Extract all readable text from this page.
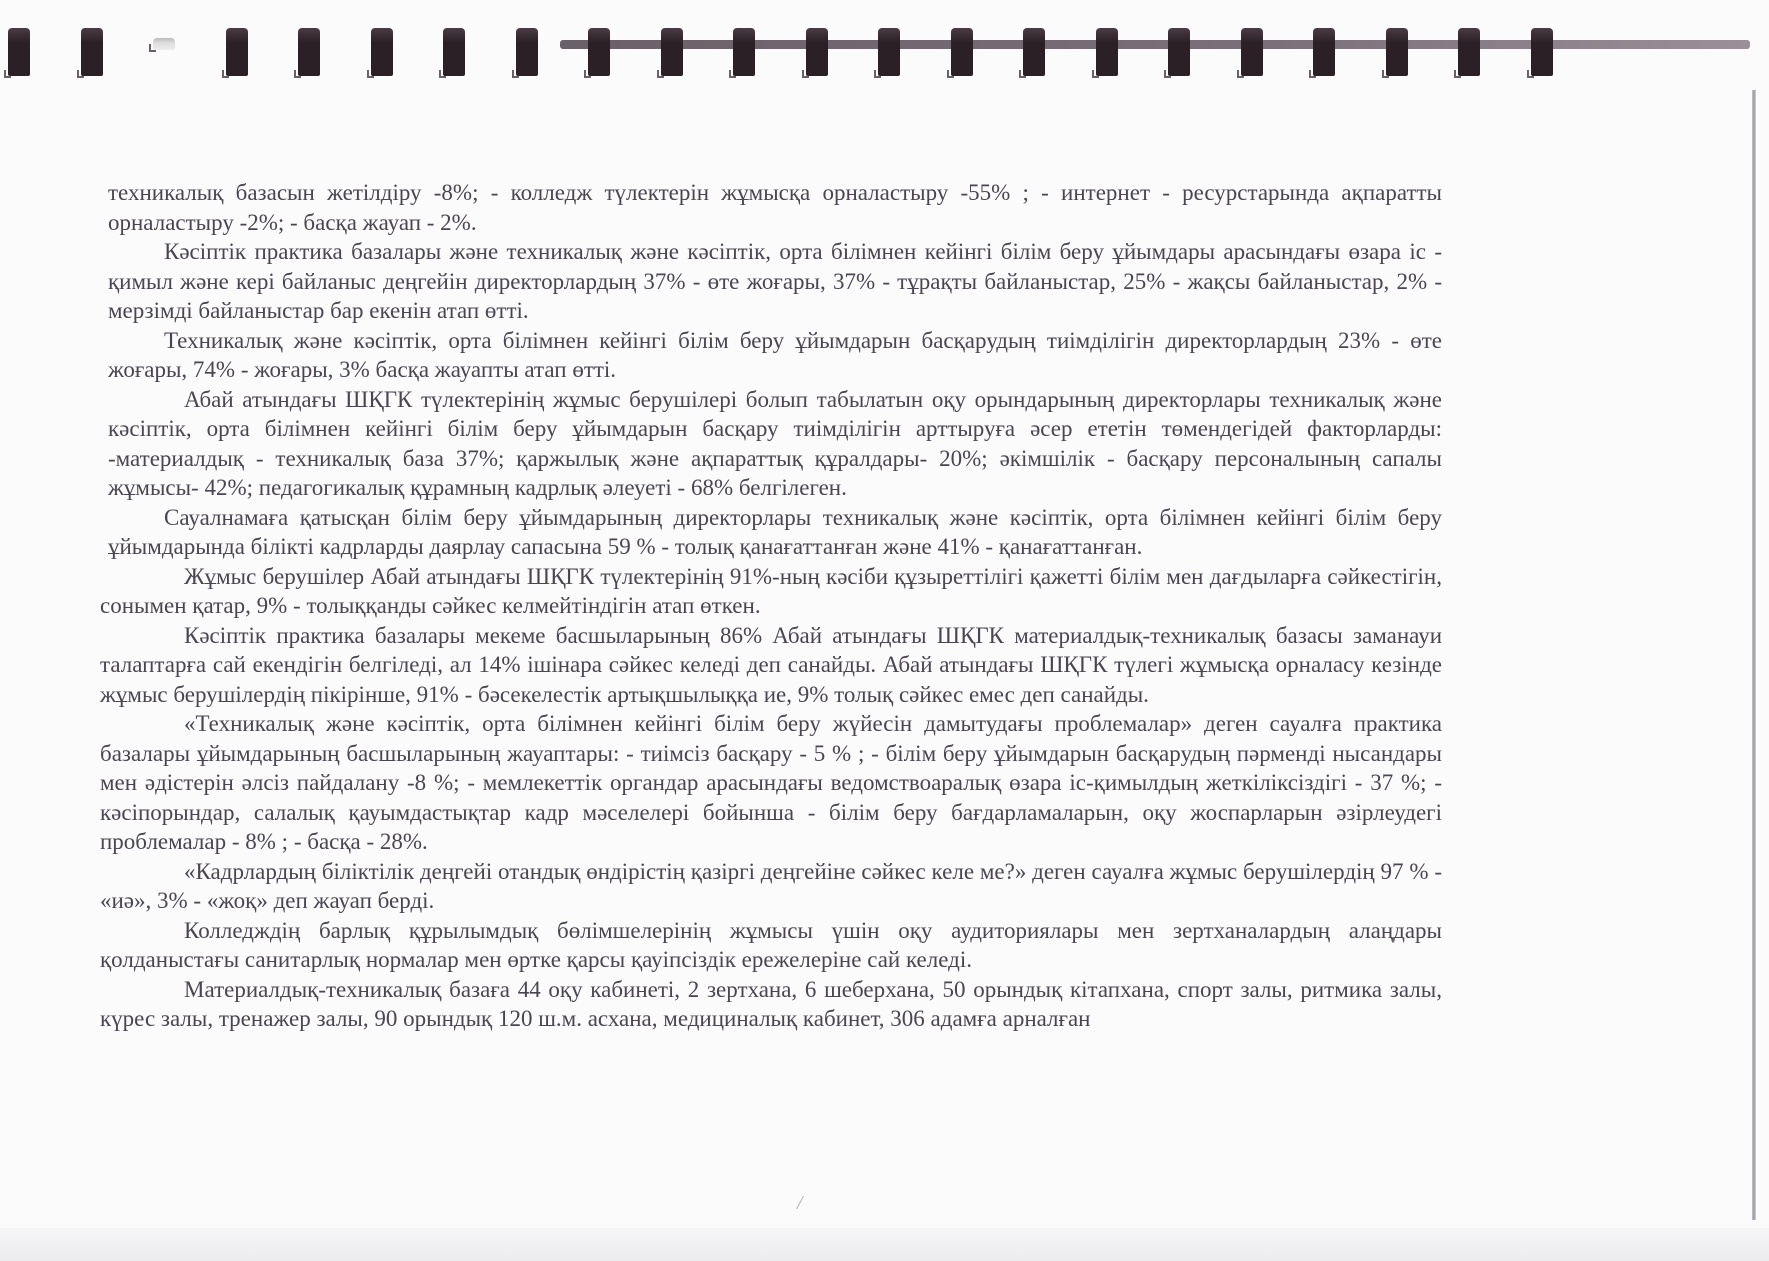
техникалық базасын жетілдіру -8%; - колледж түлектерін жұмысқа орналастыру -55% ; - интернет - ресурстарында ақпаратты орналастыру -2%; - басқа жауап - 2%.

Кәсіптік практика базалары және техникалық және кәсіптік, орта білімнен кейінгі білім беру ұйымдары арасындағы өзара іс - қимыл және кері байланыс деңгейін директорлардың 37% - өте жоғары, 37% - тұрақты байланыстар, 25% - жақсы байланыстар, 2% - мерзімді байланыстар бар екенін атап өтті.

Техникалық және кәсіптік, орта білімнен кейінгі білім беру ұйымдарын басқарудың тиімділігін директорлардың 23% - өте жоғары, 74% - жоғары, 3% басқа жауапты атап өтті.

Абай атындағы ШҚГК түлектерінің жұмыс берушілері болып табылатын оқу орындарының директорлары техникалық және кәсіптік, орта білімнен кейінгі білім беру ұйымдарын басқару тиімділігін арттыруға әсер ететін төмендегідей факторларды: -материалдық - техникалық база 37%; қаржылық және ақпараттық құралдары- 20%; әкімшілік - басқару персоналының сапалы жұмысы- 42%; педагогикалық құрамның кадрлық әлеуеті - 68% белгілеген.

Сауалнамаға қатысқан білім беру ұйымдарының директорлары техникалық және кәсіптік, орта білімнен кейінгі білім беру ұйымдарында білікті кадрларды даярлау сапасына 59 % - толық қанағаттанған және 41% - қанағаттанған.

Жұмыс берушілер Абай атындағы ШҚГК түлектерінің 91%-ның кәсіби құзыреттілігі қажетті білім мен дағдыларға сәйкестігін, сонымен қатар, 9% - толыққанды сәйкес келмейтіндігін атап өткен.

Кәсіптік практика базалары мекеме басшыларының 86% Абай атындағы ШҚГК материалдық-техникалық базасы заманауи талаптарға сай екендігін белгіледі, ал 14% ішінара сәйкес келеді деп санайды. Абай атындағы ШҚГК түлегі жұмысқа орналасу кезінде жұмыс берушілердің пікірінше, 91% - бәсекелестік артықшылыққа ие, 9% толық сәйкес емес деп санайды.

«Техникалық және кәсіптік, орта білімнен кейінгі білім беру жүйесін дамытудағы проблемалар» деген сауалға практика базалары ұйымдарының басшыларының жауаптары: - тиімсіз басқару - 5 % ; - білім беру ұйымдарын басқарудың пәрменді нысандары мен әдістерін әлсіз пайдалану -8 %; - мемлекеттік органдар арасындағы ведомствоаралық өзара іс-қимылдың жеткіліксіздігі - 37 %; - кәсіпорындар, салалық қауымдастықтар кадр мәселелері бойынша - білім беру бағдарламаларын, оқу жоспарларын әзірлеудегі проблемалар - 8% ; - басқа - 28%.

«Кадрлардың біліктілік деңгейі отандық өндірістің қазіргі деңгейіне сәйкес келе ме?» деген сауалға жұмыс берушілердің 97 % - «иә», 3% - «жоқ» деп жауап берді.

Колледждің барлық құрылымдық бөлімшелерінің жұмысы үшін оқу аудиториялары мен зертханалардың алаңдары қолданыстағы санитарлық нормалар мен өртке қарсы қауіпсіздік ережелеріне сай келеді.

Материалдық-техникалық базаға 44 оқу кабинеті, 2 зертхана, 6 шеберхана, 50 орындық кітапхана, спорт залы, ритмика залы, күрес залы, тренажер залы, 90 орындық 120 ш.м. асхана, медициналық кабинет, 306 адамға арналған

/
